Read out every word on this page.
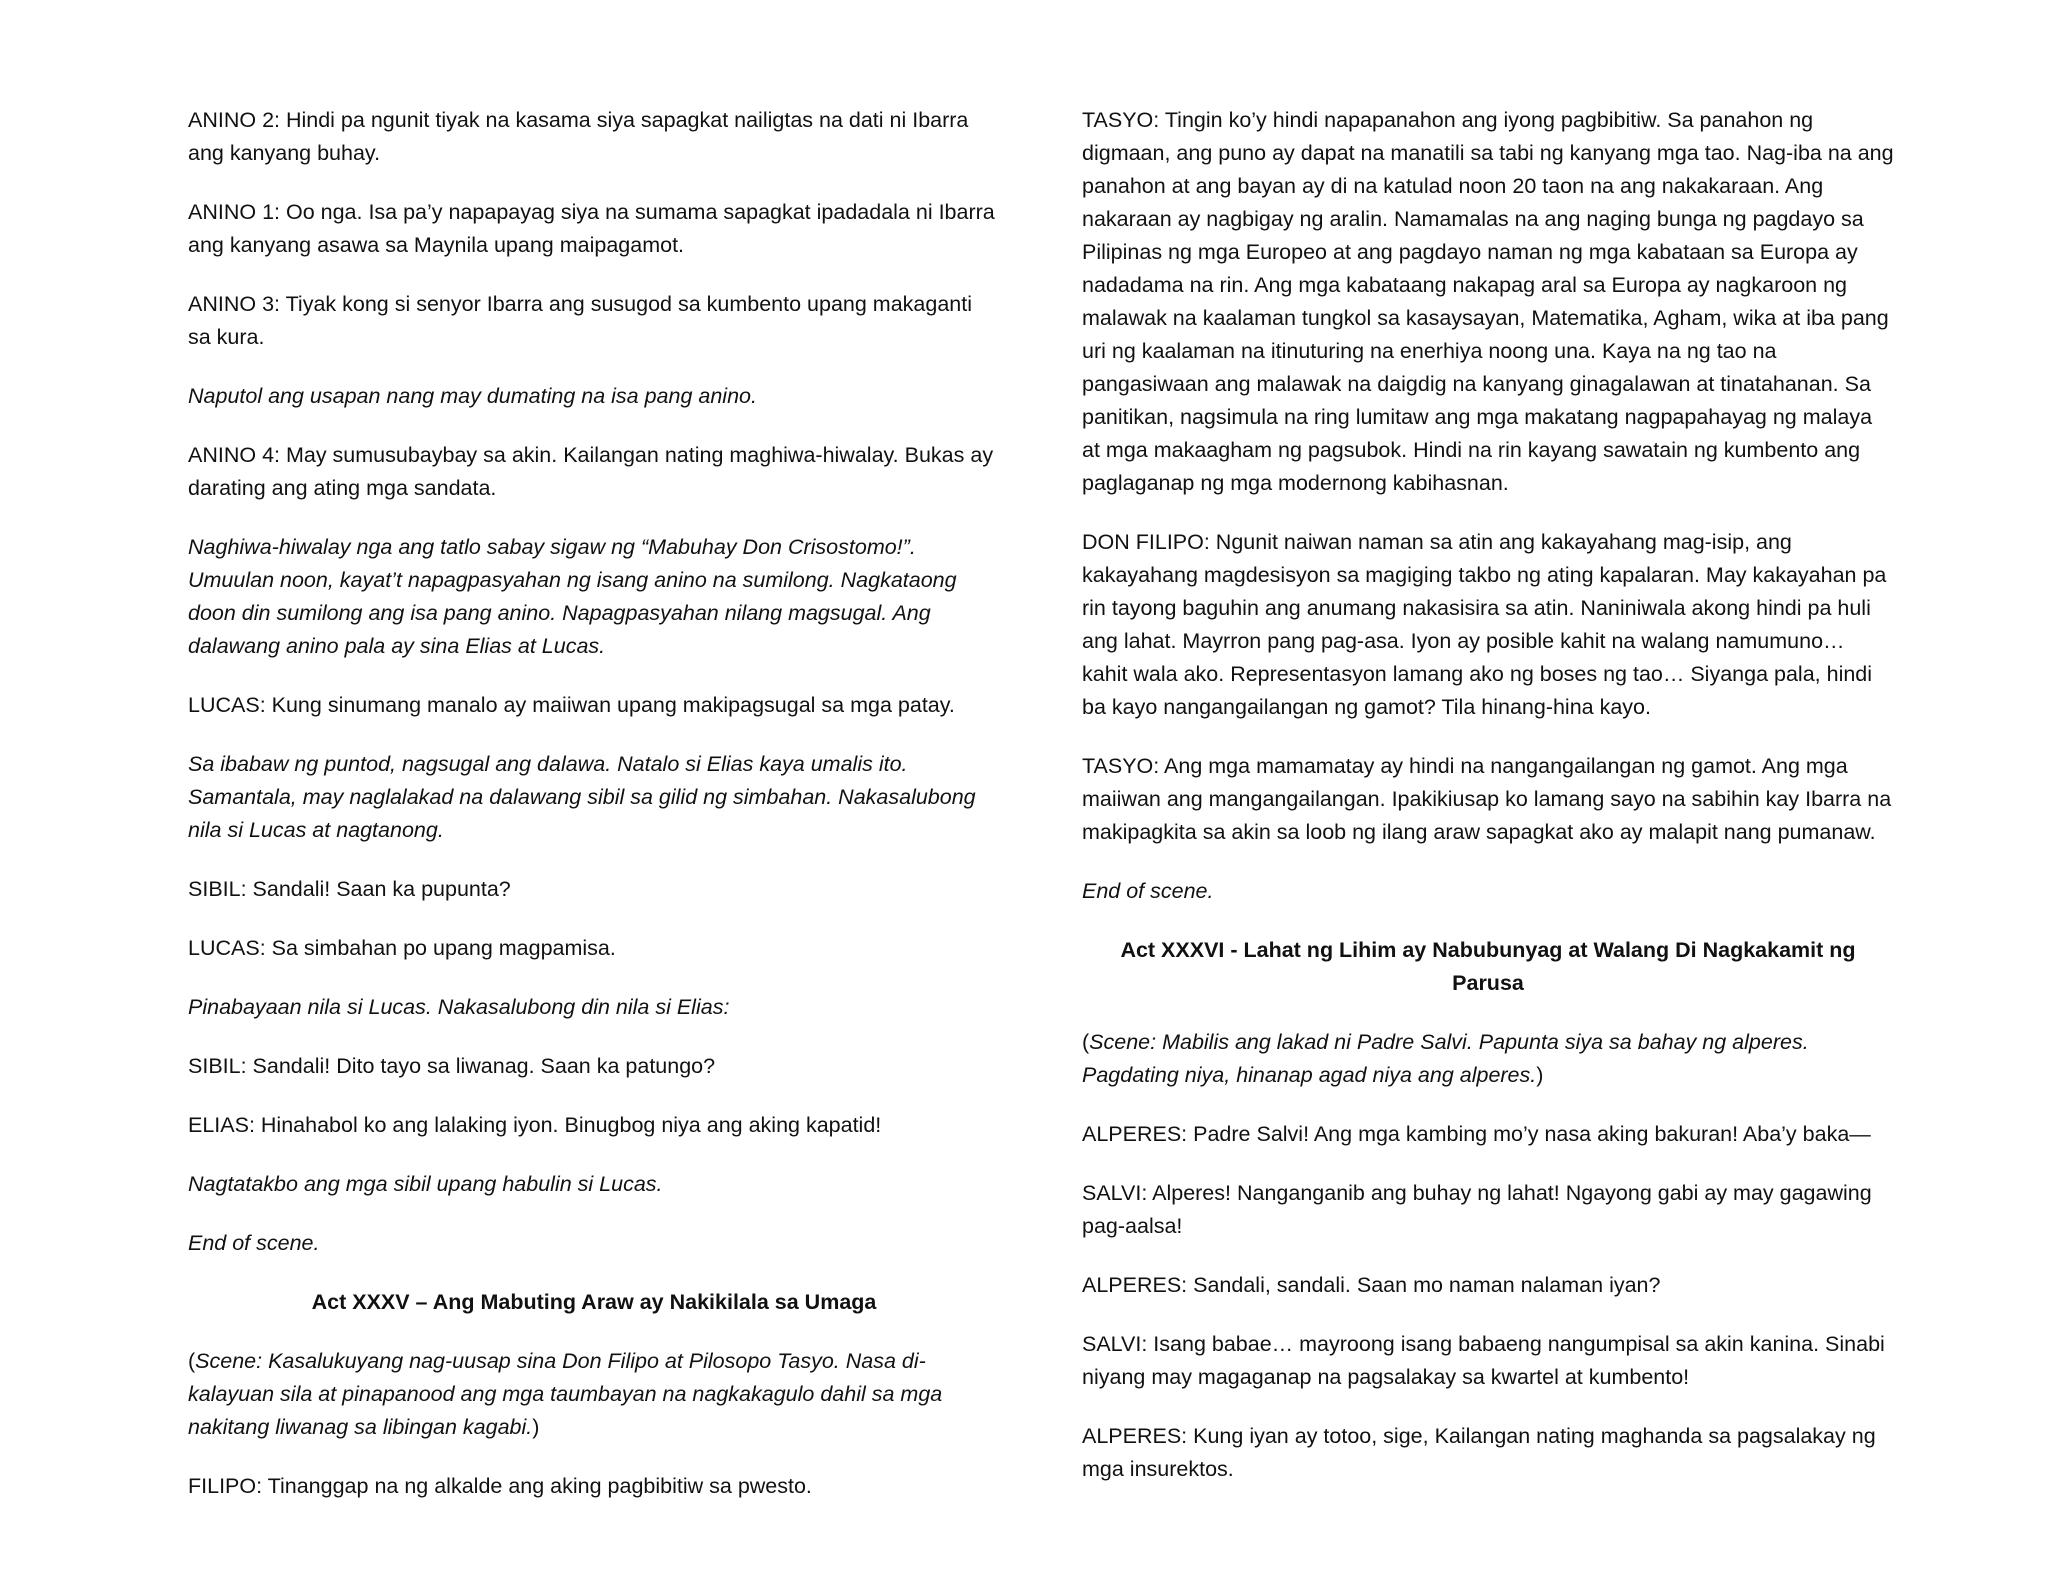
ANINO 2: Hindi pa ngunit tiyak na kasama siya sapagkat nailigtas na dati ni Ibarra ang kanyang buhay.

ANINO 1: Oo nga. Isa pa’y napapayag siya na sumama sapagkat ipadadala ni Ibarra ang kanyang asawa sa Maynila upang maipagamot.

ANINO 3: Tiyak kong si senyor Ibarra ang susugod sa kumbento upang makaganti sa kura.

Naputol ang usapan nang may dumating na isa pang anino.

ANINO 4: May sumusubaybay sa akin. Kailangan nating maghiwa-hiwalay. Bukas ay darating ang ating mga sandata.

Naghiwa-hiwalay nga ang tatlo sabay sigaw ng “Mabuhay Don Crisostomo!”. Umuulan noon, kayat’t napagpasyahan ng isang anino na sumilong. Nagkataong doon din sumilong ang isa pang anino. Napagpasyahan nilang magsugal. Ang dalawang anino pala ay sina Elias at Lucas.

LUCAS: Kung sinumang manalo ay maiiwan upang makipagsugal sa mga patay.

Sa ibabaw ng puntod, nagsugal ang dalawa. Natalo si Elias kaya umalis ito. Samantala, may naglalakad na dalawang sibil sa gilid ng simbahan. Nakasalubong nila si Lucas at nagtanong.

SIBIL: Sandali! Saan ka pupunta?

LUCAS: Sa simbahan po upang magpamisa.

Pinabayaan nila si Lucas. Nakasalubong din nila si Elias:

SIBIL: Sandali! Dito tayo sa liwanag. Saan ka patungo?

ELIAS: Hinahabol ko ang lalaking iyon. Binugbog niya ang aking kapatid!

Nagtatakbo ang mga sibil upang habulin si Lucas.

End of scene.

Act XXXV – Ang Mabuting Araw ay Nakikilala sa Umaga

(Scene: Kasalukuyang nag-uusap sina Don Filipo at Pilosopo Tasyo. Nasa di-kalayuan sila at pinapanood ang mga taumbayan na nagkakagulo dahil sa mga nakitang liwanag sa libingan kagabi.)

FILIPO: Tinanggap na ng alkalde ang aking pagbibitiw sa pwesto.

TASYO: Tingin ko’y hindi napapanahon ang iyong pagbibitiw. Sa panahon ng digmaan, ang puno ay dapat na manatili sa tabi ng kanyang mga tao. Nag-iba na ang panahon at ang bayan ay di na katulad noon 20 taon na ang nakakaraan. Ang nakaraan ay nagbigay ng aralin. Namamalas na ang naging bunga ng pagdayo sa Pilipinas ng mga Europeo at ang pagdayo naman ng mga kabataan sa Europa ay nadadama na rin. Ang mga kabataang nakapag aral sa Europa ay nagkaroon ng malawak na kaalaman tungkol sa kasaysayan, Matematika, Agham, wika at iba pang uri ng kaalaman na itinuturing na enerhiya noong una. Kaya na ng tao na pangasiwaan ang malawak na daigdig na kanyang ginagalawan at tinatahanan. Sa panitikan, nagsimula na ring lumitaw ang mga makatang nagpapahayag ng malaya at mga makaagham ng pagsubok. Hindi na rin kayang sawatain ng kumbento ang paglaganap ng mga modernong kabihasnan.

DON FILIPO: Ngunit naiwan naman sa atin ang kakayahang mag-isip, ang kakayahang magdesisyon sa magiging takbo ng ating kapalaran. May kakayahan pa rin tayong baguhin ang anumang nakasisira sa atin. Naniniwala akong hindi pa huli ang lahat. Mayrron pang pag-asa. Iyon ay posible kahit na walang namumuno… kahit wala ako. Representasyon lamang ako ng boses ng tao… Siyanga pala, hindi ba kayo nangangailangan ng gamot? Tila hinang-hina kayo.

TASYO: Ang mga mamamatay ay hindi na nangangailangan ng gamot. Ang mga maiiwan ang mangangailangan. Ipakikiusap ko lamang sayo na sabihin kay Ibarra na makipagkita sa akin sa loob ng ilang araw sapagkat ako ay malapit nang pumanaw.

End of scene.

Act XXXVI - Lahat ng Lihim ay Nabubunyag at Walang Di Nagkakamit ng Parusa

(Scene: Mabilis ang lakad ni Padre Salvi. Papunta siya sa bahay ng alperes. Pagdating niya, hinanap agad niya ang alperes.)

ALPERES: Padre Salvi! Ang mga kambing mo’y nasa aking bakuran! Aba’y baka—

SALVI: Alperes! Nanganganib ang buhay ng lahat! Ngayong gabi ay may gagawing pag-aalsa!

ALPERES: Sandali, sandali. Saan mo naman nalaman iyan?

SALVI: Isang babae… mayroong isang babaeng nangumpisal sa akin kanina. Sinabi niyang may magaganap na pagsalakay sa kwartel at kumbento!

ALPERES: Kung iyan ay totoo, sige, Kailangan nating maghanda sa pagsalakay ng mga insurektos.
